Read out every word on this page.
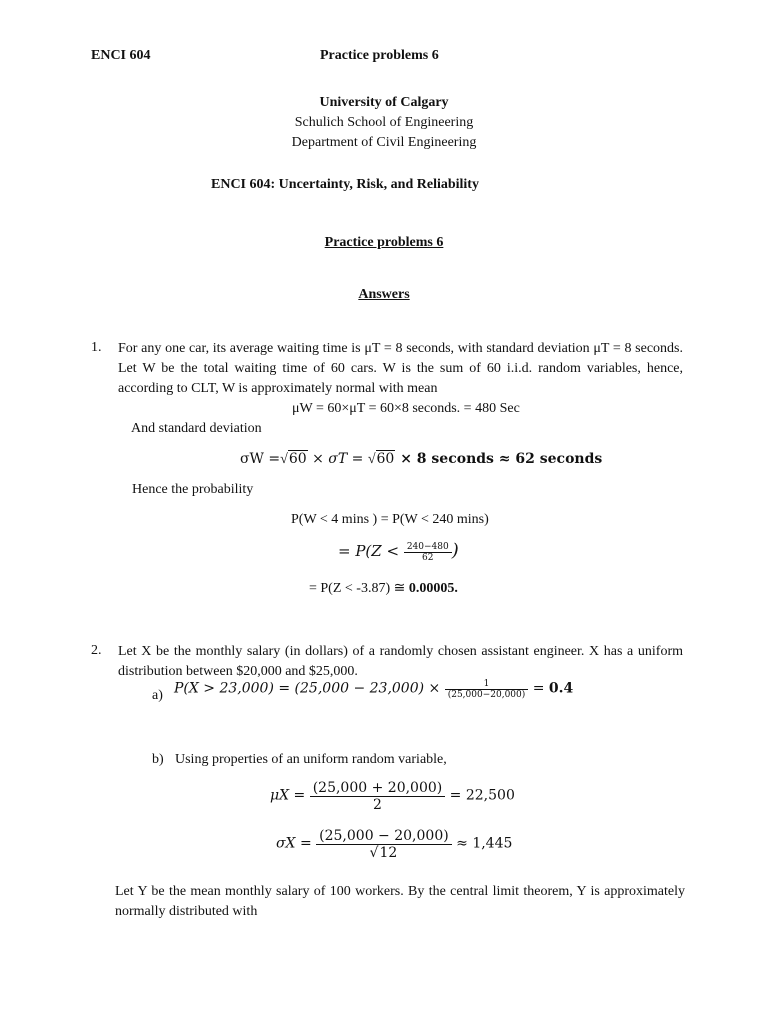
ENCI 604	Practice problems 6
University of Calgary
Schulich School of Engineering
Department of Civil Engineering
ENCI 604: Uncertainty, Risk, and Reliability
Practice problems 6
Answers
1. For any one car, its average waiting time is μT = 8 seconds, with standard deviation μT = 8 seconds. Let W be the total waiting time of 60 cars. W is the sum of 60 i.i.d. random variables, hence, according to CLT, W is approximately normal with mean
μW = 60×μT = 60×8 seconds. = 480 Sec
And standard deviation
σW =√60 × σT = √60 × 8 seconds ≈ 62 seconds
Hence the probability
P(W < 4 mins ) = P(W < 240 mins)
= $P(Z < \frac{240-480}{62}$ )
= P(Z < -3.87) ≅ 0.00005.
2. Let X be the monthly salary (in dollars) of a randomly chosen assistant engineer. X has a uniform distribution between $20,000 and $25,000.
a) $P(X > 23,000) = (25,000 - 23,000) \times \frac{1}{(25,000-20,000)} = 0.4$
b) Using properties of an uniform random variable,
$\mu X = \frac{(25,000 + 20,000)}{2} = 22,500$
$\sigma X = \frac{(25,000 - 20,000)}{√12} \approx 1,445$
Let Y be the mean monthly salary of 100 workers. By the central limit theorem, Y is approximately normally distributed with
